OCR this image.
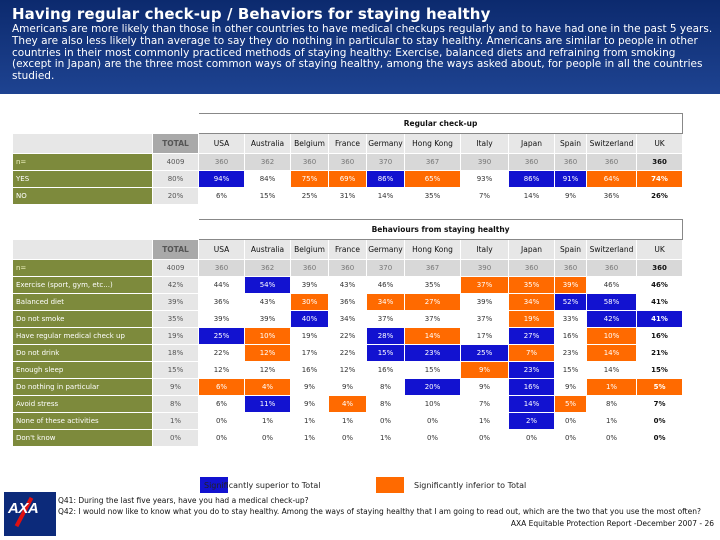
Having regular check-up / Behaviors for staying healthy
Americans are more likely than those in other countries to have medical checkups regularly and to have had one in the past 5 years. They are also less likely than average to say they do nothing in particular to stay healthy. Americans are similar to people in other countries in their most commonly practiced methods of staying healthy: Exercise, balanced diets and refraining from smoking (except in Japan) are the three most common ways of staying healthy, among the ways asked about, for people in all the countries studied.
		Regular check-up										
	TOTAL	USA	Australia	Belgium	France	Germany	Hong Kong	Italy	Japan	Spain	Switzerland	UK
n=	4009	360	362	360	360	370	367	390	360	360	360	360
YES	80%	94%	84%	75%	69%	86%	65%	93%	86%	91%	64%	74%
NO	20%	6%	15%	25%	31%	14%	35%	7%	14%	9%	36%	26%
		Behaviours from staying healthy										
	TOTAL	USA	Australia	Belgium	France	Germany	Hong Kong	Italy	Japan	Spain	Switzerland	UK
n=	4009	360	362	360	360	370	367	390	360	360	360	360
Exercise (sport, gym, etc...)	42%	44%	54%	39%	43%	46%	35%	37%	35%	39%	46%	46%
Balanced diet	39%	36%	43%	30%	36%	34%	27%	39%	34%	52%	58%	41%
Do not smoke	35%	39%	39%	40%	34%	37%	37%	37%	19%	33%	42%	41%
Have regular medical check up	19%	25%	10%	19%	22%	28%	14%	17%	27%	16%	10%	16%
Do not drink	18%	22%	12%	17%	22%	15%	23%	25%	7%	23%	14%	21%
Enough sleep	15%	12%	12%	16%	12%	16%	15%	9%	23%	15%	14%	15%
Do nothing in particular	9%	6%	4%	9%	9%	8%	20%	9%	16%	9%	1%	5%
Avoid stress	8%	6%	11%	9%	4%	8%	10%	7%	14%	5%	8%	7%
None of these activities	1%	0%	1%	1%	1%	0%	0%	1%	2%	0%	1%	0%
Don't know	0%	0%	0%	1%	0%	1%	0%	0%	0%	0%	0%	0%
Significantly superior to Total	Significantly inferior to Total
AXA	Q41: During the last five years, have you had a medical check-up?
Q42: I would now like to know what you do to stay healthy. Among the ways of staying healthy that I am going to read out, which are the two that you use the most often?
AXA Equitable Protection Report -December 2007 - 26
